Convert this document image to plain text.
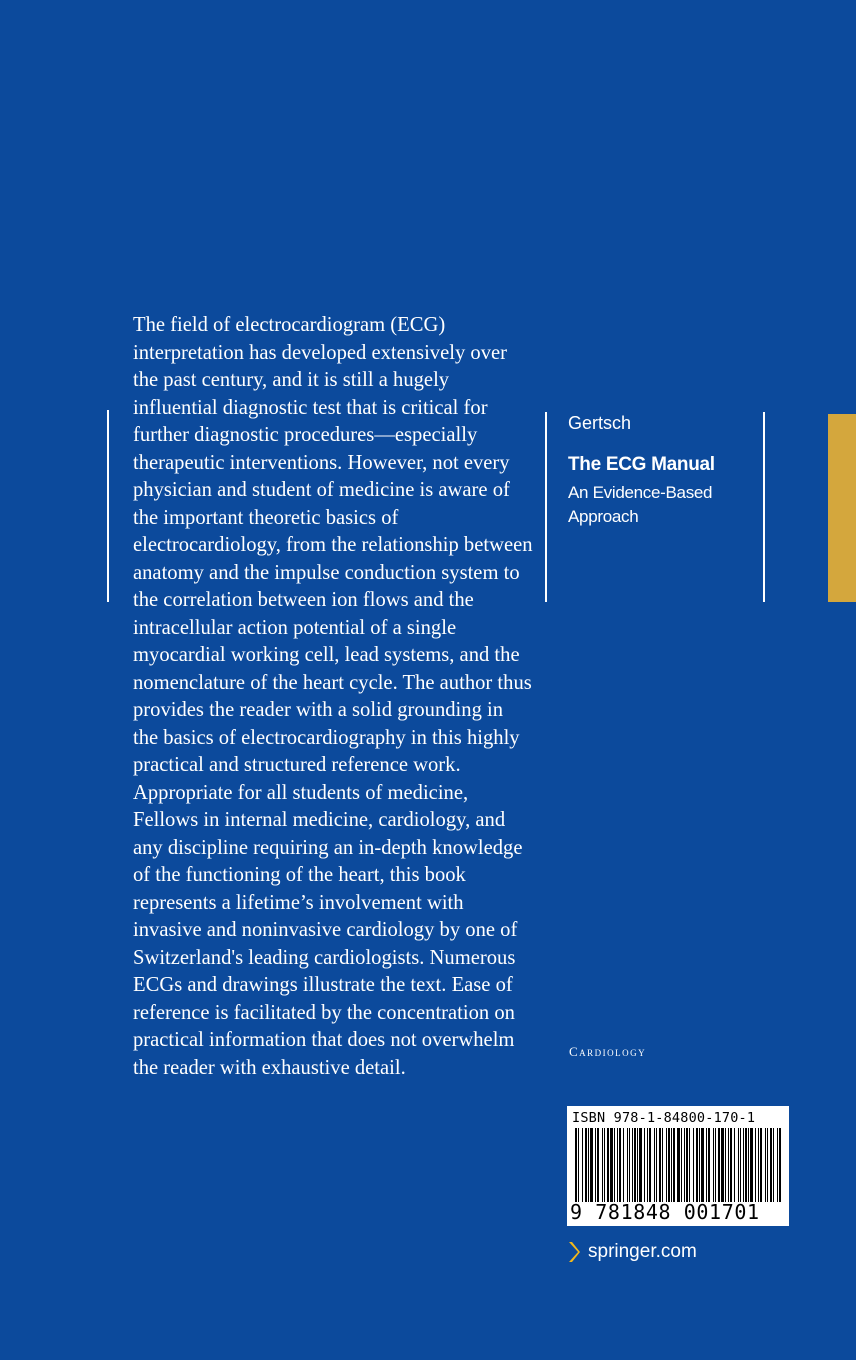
The field of electrocardiogram (ECG) interpretation has developed extensively over the past century, and it is still a hugely influential diagnostic test that is critical for further diagnostic procedures—especially therapeutic interventions. However, not every physician and student of medicine is aware of the important theoretic basics of electrocardiology, from the relationship between anatomy and the impulse conduction system to the correlation between ion flows and the intracellular action potential of a single myocardial working cell, lead systems, and the nomenclature of the heart cycle. The author thus provides the reader with a solid grounding in the basics of electrocardiography in this highly practical and structured reference work. Appropriate for all students of medicine, Fellows in internal medicine, cardiology, and any discipline requiring an in-depth knowledge of the functioning of the heart, this book represents a lifetime’s involvement with invasive and noninvasive cardiology by one of Switzerland's leading cardiologists. Numerous ECGs and drawings illustrate the text. Ease of reference is facilitated by the concentration on practical information that does not overwhelm the reader with exhaustive detail.

Gertsch
The ECG Manual
An Evidence-Based Approach
Cardiology
ISBN 978-1-84800-170-1
9 781848 001701
springer.com
